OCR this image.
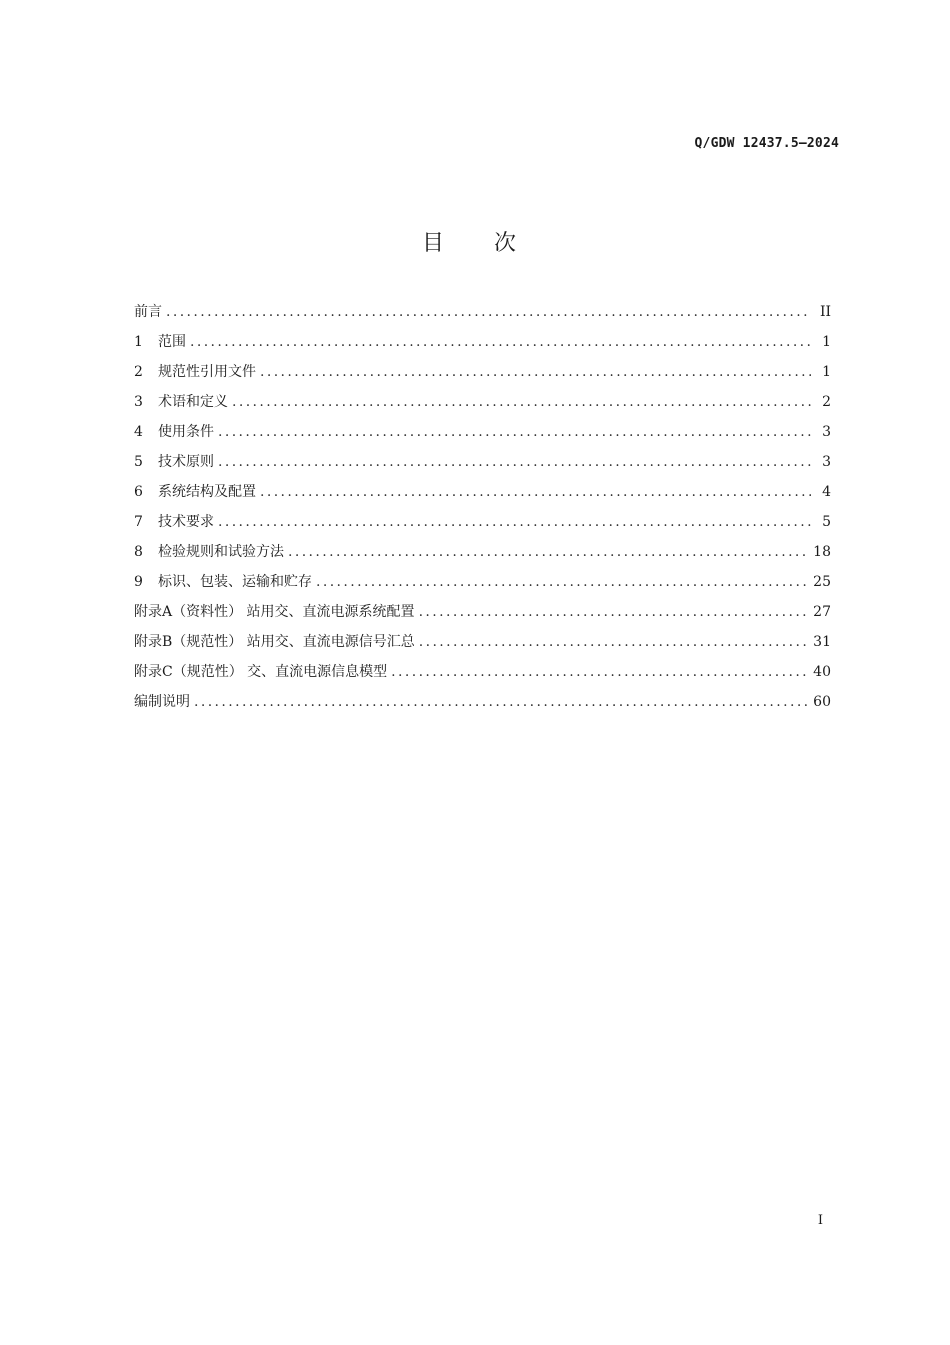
Q/GDW 12437.5—2024
目次
前言 .....	II
1	范围 .....	1
2	规范性引用文件 .....	1
3	术语和定义 .....	2
4	使用条件 .....	3
5	技术原则 .....	3
6	系统结构及配置 .....	4
7	技术要求 .....	5
8	检验规则和试验方法 .....	18
9	标识、包装、运输和贮存 .....	25
附录A（资料性） 站用交、直流电源系统配置 .....	27
附录B（规范性） 站用交、直流电源信号汇总 .....	31
附录C（规范性） 交、直流电源信息模型 .....	40
编制说明 .....	60
I
